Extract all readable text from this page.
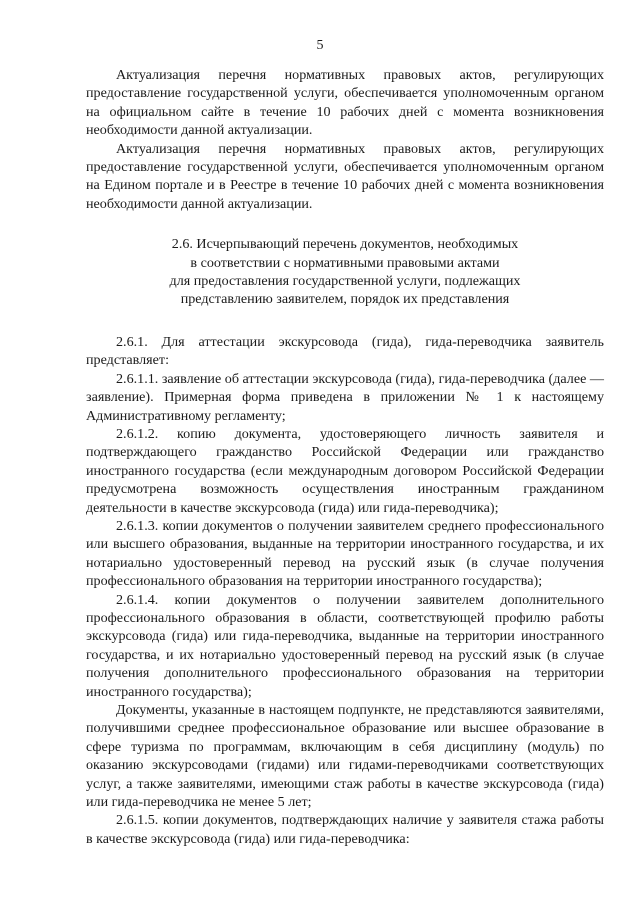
5

Актуализация перечня нормативных правовых актов, регулирующих предоставление государственной услуги, обеспечивается уполномоченным органом на официальном сайте в течение 10 рабочих дней с момента возникновения необходимости данной актуализации.

Актуализация перечня нормативных правовых актов, регулирующих предоставление государственной услуги, обеспечивается уполномоченным органом на Едином портале и в Реестре в течение 10 рабочих дней с момента возникновения необходимости данной актуализации.

2.6. Исчерпывающий перечень документов, необходимых
в соответствии с нормативными правовыми актами
для предоставления государственной услуги, подлежащих
представлению заявителем, порядок их представления

2.6.1. Для аттестации экскурсовода (гида), гида-переводчика заявитель представляет:

2.6.1.1. заявление об аттестации экскурсовода (гида), гида-переводчика (далее — заявление). Примерная форма приведена в приложении № 1 к настоящему Административному регламенту;

2.6.1.2. копию документа, удостоверяющего личность заявителя и подтверждающего гражданство Российской Федерации или гражданство иностранного государства (если международным договором Российской Федерации предусмотрена возможность осуществления иностранным гражданином деятельности в качестве экскурсовода (гида) или гида-переводчика);

2.6.1.3. копии документов о получении заявителем среднего профессионального или высшего образования, выданные на территории иностранного государства, и их нотариально удостоверенный перевод на русский язык (в случае получения профессионального образования на территории иностранного государства);

2.6.1.4. копии документов о получении заявителем дополнительного профессионального образования в области, соответствующей профилю работы экскурсовода (гида) или гида-переводчика, выданные на территории иностранного государства, и их нотариально удостоверенный перевод на русский язык (в случае получения дополнительного профессионального образования на территории иностранного государства);

Документы, указанные в настоящем подпункте, не представляются заявителями, получившими среднее профессиональное образование или высшее образование в сфере туризма по программам, включающим в себя дисциплину (модуль) по оказанию экскурсоводами (гидами) или гидами-переводчиками соответствующих услуг, а также заявителями, имеющими стаж работы в качестве экскурсовода (гида) или гида-переводчика не менее 5 лет;

2.6.1.5. копии документов, подтверждающих наличие у заявителя стажа работы в качестве экскурсовода (гида) или гида-переводчика:
